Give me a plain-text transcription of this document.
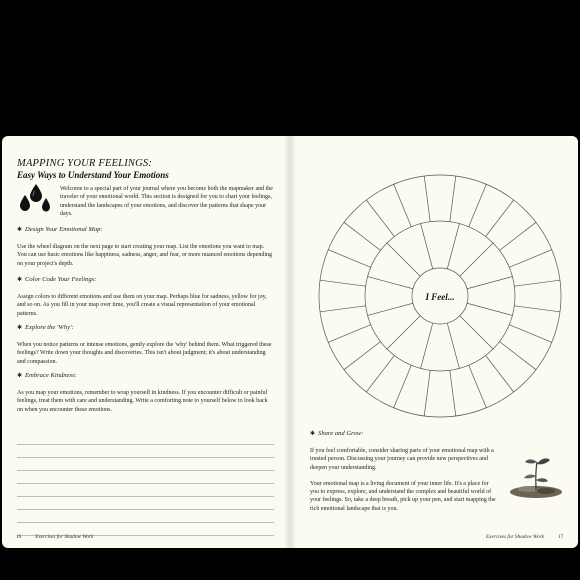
MAPPING YOUR FEELINGS:
Easy Ways to Understand Your Emotions
Welcome to a special part of your journal where you become both the mapmaker and the traveler of your emotional world. This section is designed for you to chart your feelings, understand the landscapes of your emotions, and discover the patterns that shape your days.
✱ Design Your Emotional Map:
Use the wheel diagram on the next page to start creating your map. List the emotions you want to map. You can use basic emotions like happiness, sadness, anger, and fear, or more nuanced emotions depending on your project's depth.
✱ Color Code Your Feelings:
Assign colors to different emotions and use them on your map. Perhaps blue for sadness, yellow for joy, and so on. As you fill in your map over time, you'll create a visual representation of your emotional patterns.
✱ Explore the 'Why':
When you notice patterns or intense emotions, gently explore the 'why' behind them. What triggered these feelings? Write down your thoughts and discoveries. This isn't about judgment; it's about understanding and compassion.
✱ Embrace Kindness:
As you map your emotions, remember to wrap yourself in kindness. If you encounter difficult or painful feelings, treat them with care and understanding. Write a comforting note to yourself below to look back on when you encounter these emotions.
16	Exercises for Shadow Work
I Feel...
✱ Share and Grow:
If you feel comfortable, consider sharing parts of your emotional map with a trusted person. Discussing your journey can provide new perspectives and deepen your understanding.
Your emotional map is a living document of your inner life. It's a place for you to express, explore, and understand the complex and beautiful world of your feelings. So, take a deep breath, pick up your pen, and start mapping the rich emotional landscape that is you.
Exercises for Shadow Work	17
